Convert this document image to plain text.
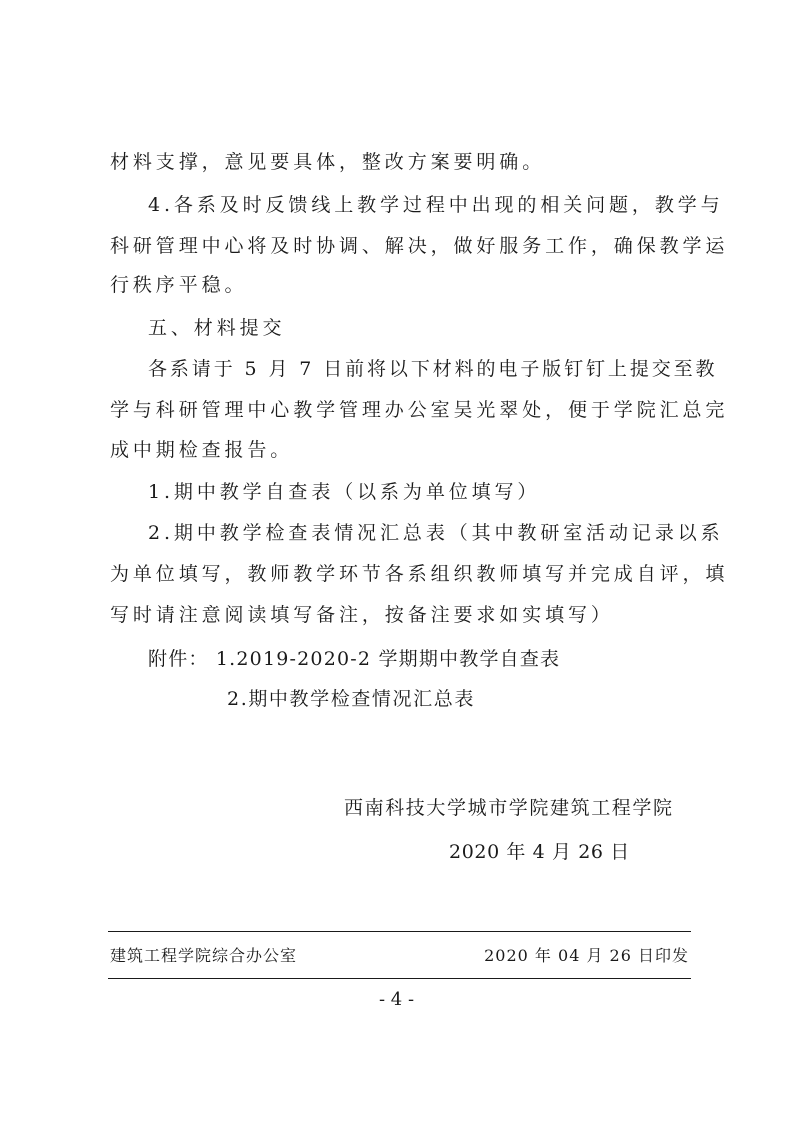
材料支撑，意见要具体，整改方案要明确。
4.各系及时反馈线上教学过程中出现的相关问题，教学与
科研管理中心将及时协调、解决，做好服务工作，确保教学运
行秩序平稳。
五、材料提交
各系请于 5 月 7 日前将以下材料的电子版钉钉上提交至教
学与科研管理中心教学管理办公室吴光翠处，便于学院汇总完
成中期检查报告。
1.期中教学自查表（以系为单位填写）
2.期中教学检查表情况汇总表（其中教研室活动记录以系
为单位填写，教师教学环节各系组织教师填写并完成自评，填
写时请注意阅读填写备注，按备注要求如实填写）
附件： 1.2019-2020-2 学期期中教学自查表
2.期中教学检查情况汇总表
西南科技大学城市学院建筑工程学院
2020 年 4 月 26 日
建筑工程学院综合办公室	2020 年 04 月 26 日印发
- 4 -
